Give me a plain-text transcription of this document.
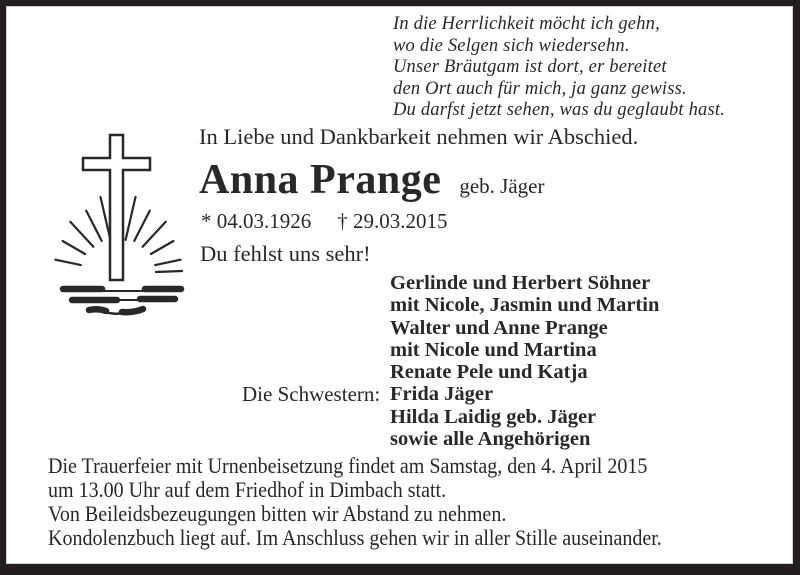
In die Herrlichkeit möcht ich gehn,
wo die Selgen sich wiedersehn.
Unser Bräutgam ist dort, er bereitet
den Ort auch für mich, ja ganz gewiss.
Du darfst jetzt sehen, was du geglaubt hast.
In Liebe und Dankbarkeit nehmen wir Abschied.
Anna Prange geb. Jäger
* 04.03.1926 † 29.03.2015
Du fehlst uns sehr!
Die Schwestern:
Gerlinde und Herbert Söhner
mit Nicole, Jasmin und Martin
Walter und Anne Prange
mit Nicole und Martina
Renate Pele und Katja
Frida Jäger
Hilda Laidig geb. Jäger
sowie alle Angehörigen
Die Trauerfeier mit Urnenbeisetzung findet am Samstag, den 4. April 2015
um 13.00 Uhr auf dem Friedhof in Dimbach statt.
Von Beileidsbezeugungen bitten wir Abstand zu nehmen.
Kondolenzbuch liegt auf. Im Anschluss gehen wir in aller Stille auseinander.
